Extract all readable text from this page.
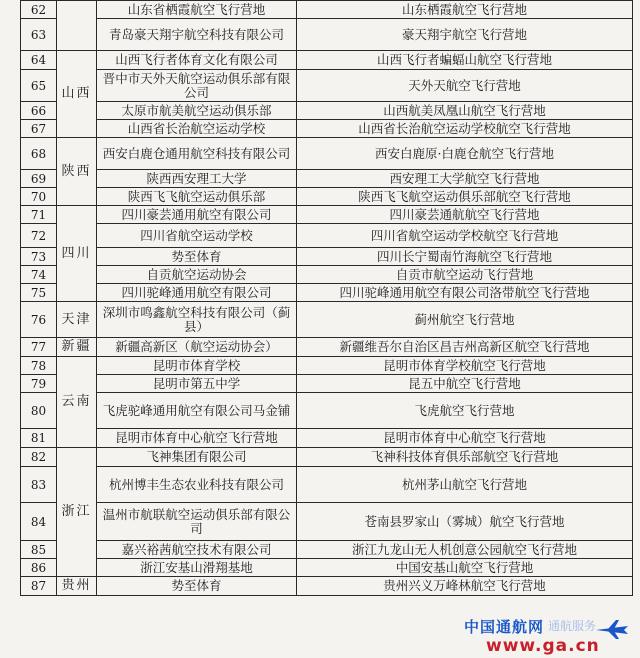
62		山东省栖霞航空飞行营地	山东栖霞航空飞行营地
63		青岛豪天翔宇航空科技有限公司	豪天翔宇航空飞行营地
64	山西	山西飞行者体育文化有限公司	山西飞行者蝙蝠山航空飞行营地
65		晋中市天外天航空运动俱乐部有限公司	天外天航空飞行营地
66		太原市航美航空运动俱乐部	山西航美凤凰山航空飞行营地
67		山西省长治航空运动学校	山西省长治航空运动学校航空飞行营地
68	陕西	西安白鹿仓通用航空科技有限公司	西安白鹿原·白鹿仓航空飞行营地
69		陕西西安理工大学	西安理工大学航空飞行营地
70		陕西飞飞航空运动俱乐部	陕西飞飞航空运动俱乐部航空飞行营地
71	四川	四川豪芸通用航空有限公司	四川豪芸通航航空飞行营地
72		四川省航空运动学校	四川省航空运动学校航空飞行营地
73		势至体育	四川长宁蜀南竹海航空飞行营地
74		自贡航空运动协会	自贡市航空运动飞行营地
75		四川驼峰通用航空有限公司	四川驼峰通用航空有限公司洛带航空飞行营地
76	天津	深圳市鸣鑫航空科技有限公司（蓟县）	蓟州航空飞行营地
77	新疆	新疆高新区（航空运动协会）	新疆维吾尔自治区昌吉州高新区航空飞行营地
78	云南	昆明市体育学校	昆明市体育学校航空飞行营地
79		昆明市第五中学	昆五中航空飞行营地
80		飞虎驼峰通用航空有限公司马金铺	飞虎航空飞行营地
81		昆明市体育中心航空飞行营地	昆明市体育中心航空飞行营地
82	浙江	飞神集团有限公司	飞神科技体育俱乐部航空飞行营地
83		杭州博丰生态农业科技有限公司	杭州茅山航空飞行营地
84		温州市航联航空运动俱乐部有限公司	苍南县罗家山（雾城）航空飞行营地
85		嘉兴裕茜航空技术有限公司	浙江九龙山无人机创意公园航空飞行营地
86		浙江安基山滑翔基地	中国安基山航空飞行营地
87	贵州	势至体育	贵州兴义万峰林航空飞行营地
中国通航网 通航服务
www.ga.cn
